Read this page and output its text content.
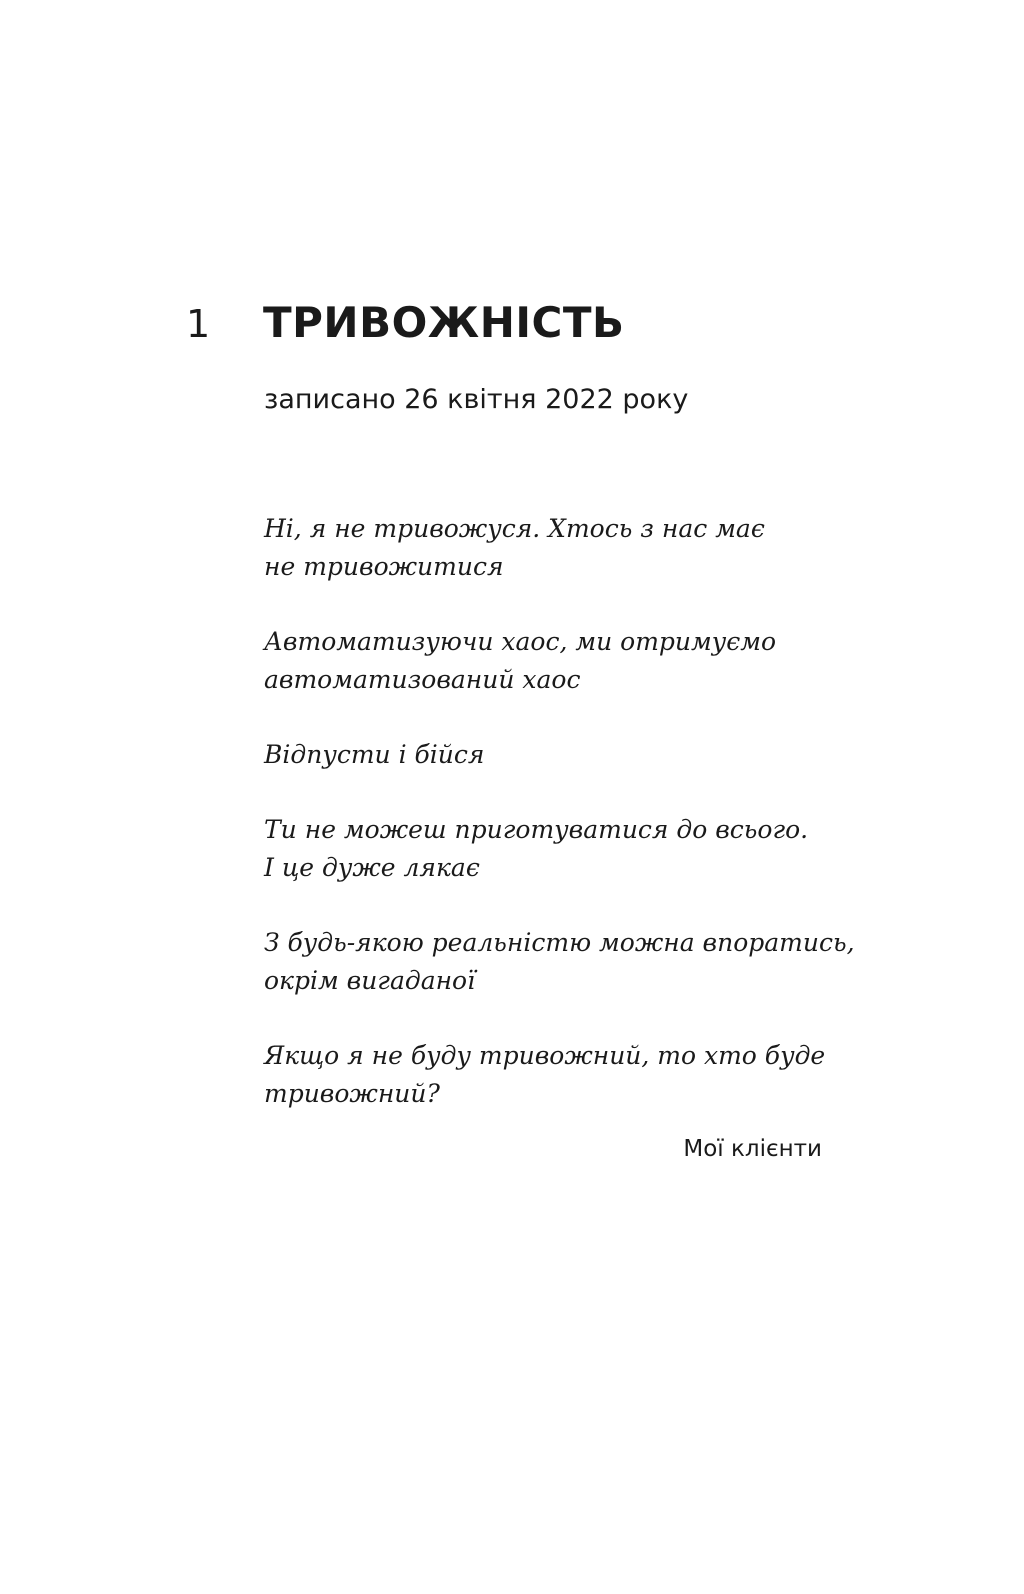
1 ТРИВОЖНІСТЬ
записано 26 квітня 2022 року
Ні, я не тривожуся. Хтось з нас має
не тривожитися
Автоматизуючи хаос, ми отримуємо
автоматизований хаос
Відпусти і бійся
Ти не можеш приготуватися до всього.
І це дуже лякає
З будь-якою реальністю можна впоратись,
окрім вигаданої
Якщо я не буду тривожний, то хто буде
тривожний?
Мої клієнти
